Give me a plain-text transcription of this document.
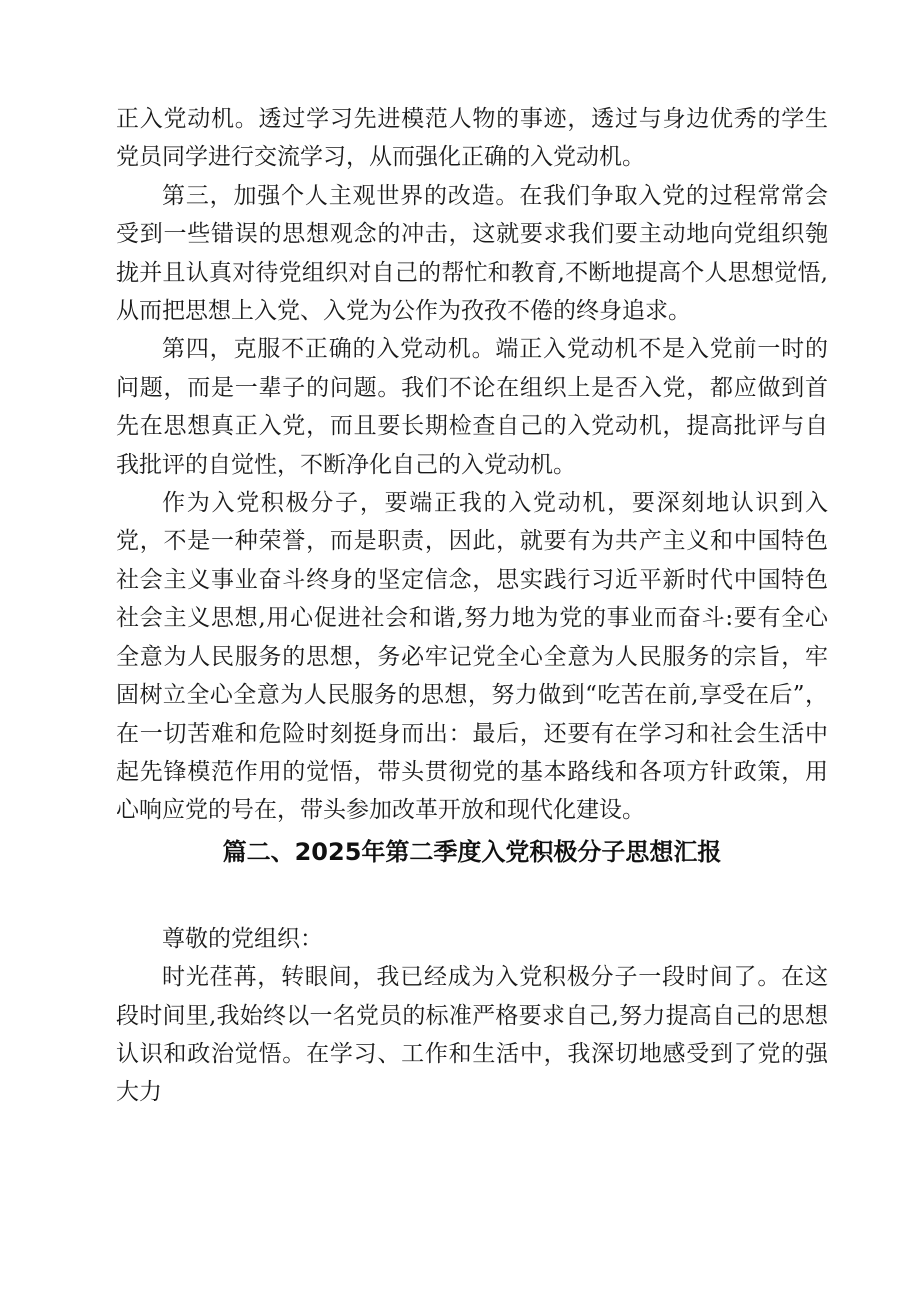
正入党动机。透过学习先进模范人物的事迹，透过与身边优秀的学生党员同学进行交流学习，从而强化正确的入党动机。

第三，加强个人主观世界的改造。在我们争取入党的过程常常会受到一些错误的思想观念的冲击，这就要求我们要主动地向党组织匏拢并且认真对待党组织对自己的帮忙和教育,不断地提高个人思想觉悟,从而把思想上入党、入党为公作为孜孜不倦的终身追求。

第四，克服不正确的入党动机。端正入党动机不是入党前一时的问题，而是一辈子的问题。我们不论在组织上是否入党，都应做到首先在思想真正入党，而且要长期检查自己的入党动机，提高批评与自我批评的自觉性，不断净化自己的入党动机。

作为入党积极分子，要端正我的入党动机，要深刻地认识到入党，不是一种荣誉，而是职责，因此，就要有为共产主义和中国特色社会主义事业奋斗终身的坚定信念，思实践行习近平新时代中国特色社会主义思想,用心促进社会和谐,努力地为党的事业而奋斗:要有全心全意为人民服务的思想，务必牢记党全心全意为人民服务的宗旨，牢固树立全心全意为人民服务的思想，努力做到“吃苦在前,享受在后”，在一切苦难和危险时刻挺身而出：最后，还要有在学习和社会生活中起先锋模范作用的觉悟，带头贯彻党的基本路线和各项方针政策，用心响应党的号在，带头参加改革开放和现代化建设。

篇二、2025年第二季度入党积极分子思想汇报

尊敬的党组织：

时光荏苒，转眼间，我已经成为入党积极分子一段时间了。在这段时间里,我始终以一名党员的标准严格要求自己,努力提高自己的思想认识和政治觉悟。在学习、工作和生活中，我深切地感受到了党的强大力
